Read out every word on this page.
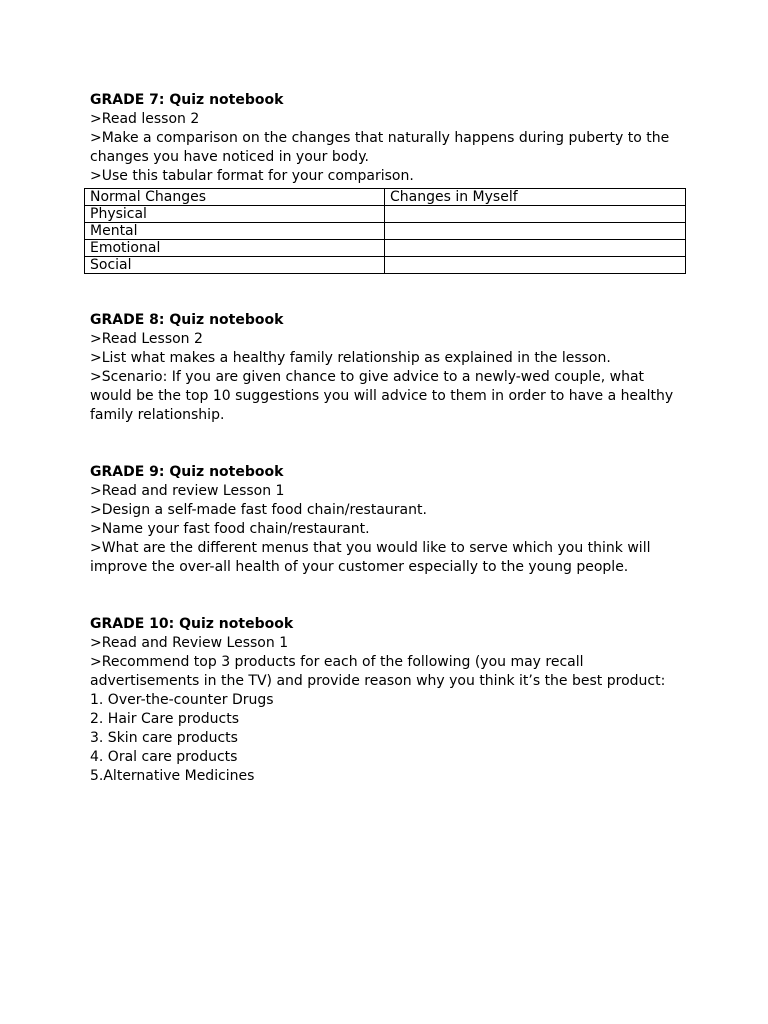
GRADE 7: Quiz notebook
>Read lesson 2
>Make a comparison on the changes that naturally happens during puberty to the
changes you have noticed in your body.
>Use this tabular format for your comparison.
Normal Changes	Changes in Myself
Physical	
Mental	
Emotional	
Social	
GRADE 8: Quiz notebook
>Read Lesson 2
>List what makes a healthy family relationship as explained in the lesson.
>Scenario: If you are given chance to give advice to a newly-wed couple, what
would be the top 10 suggestions you will advice to them in order to have a healthy
family relationship.
GRADE 9: Quiz notebook
>Read and review Lesson 1
>Design a self-made fast food chain/restaurant.
>Name your fast food chain/restaurant.
>What are the different menus that you would like to serve which you think will
improve the over-all health of your customer especially to the young people.
GRADE 10: Quiz notebook
>Read and Review Lesson 1
>Recommend top 3 products for each of the following (you may recall
advertisements in the TV) and provide reason why you think it’s the best product:
1. Over-the-counter Drugs
2. Hair Care products
3. Skin care products
4. Oral care products
5.Alternative Medicines
